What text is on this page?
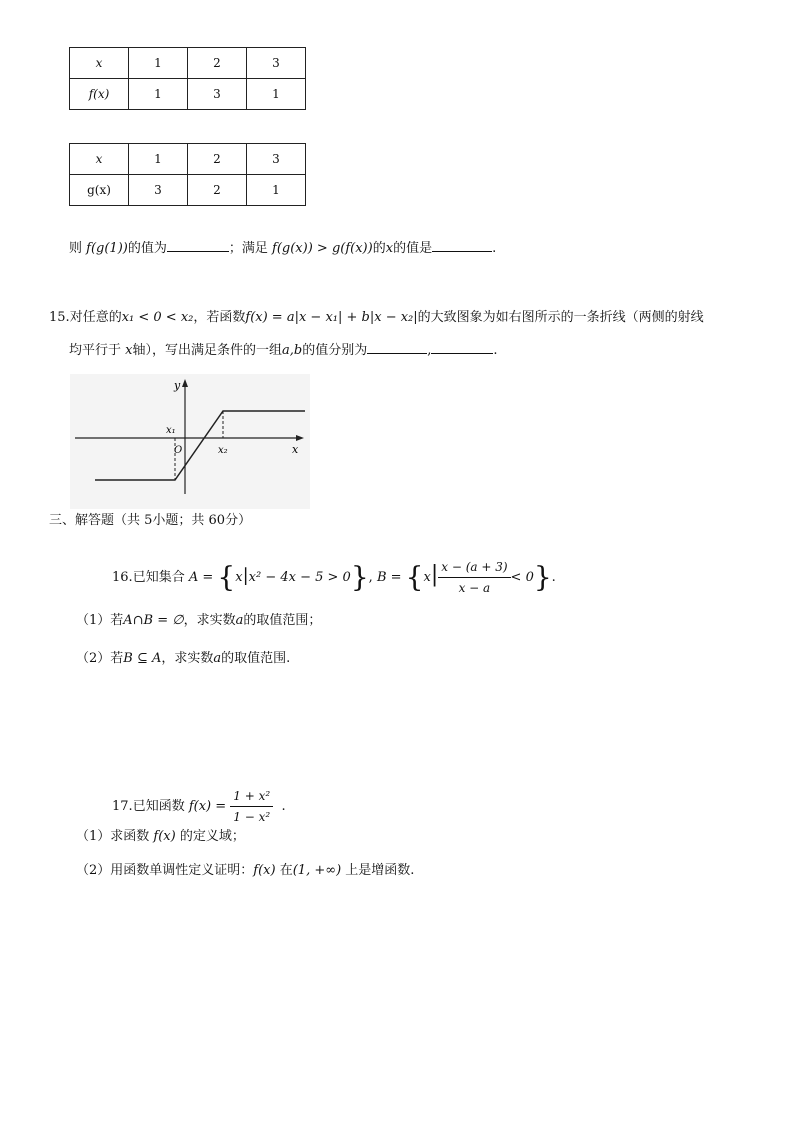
x	1	2	3
f(x)	1	3	1
x	1	2	3
g(x)	3	2	1
则 f(g(1))的值为	；满足 f(g(x)) > g(f(x))的x的值是	.
15.对任意的x₁ < 0 < x₂，若函数f(x) = a|x − x₁| + b|x − x₂|的大致图象为如右图所示的一条折线（两侧的射线
均平行于 x轴），写出满足条件的一组a,b的值分别为	,	.
y
x
x₁
O	x₂
三、解答题（共 5小题；共 60分）
16.已知集合 A = {x|x² − 4x − 5 > 0}, $B = \{x| \frac{x - (a + 3)}{x - a} < 0\}$.
（1）若A∩B = ∅，求实数a的取值范围；
（2）若B ⊆ A，求实数a的取值范围.
17.已知函数 $f(x) = \frac{\text{1 + x²}}{\text{1 − x²}}$ .
（1）求函数 f(x) 的定义域；
（2）用函数单调性定义证明：f(x) 在(1, +∞) 上是增函数.
